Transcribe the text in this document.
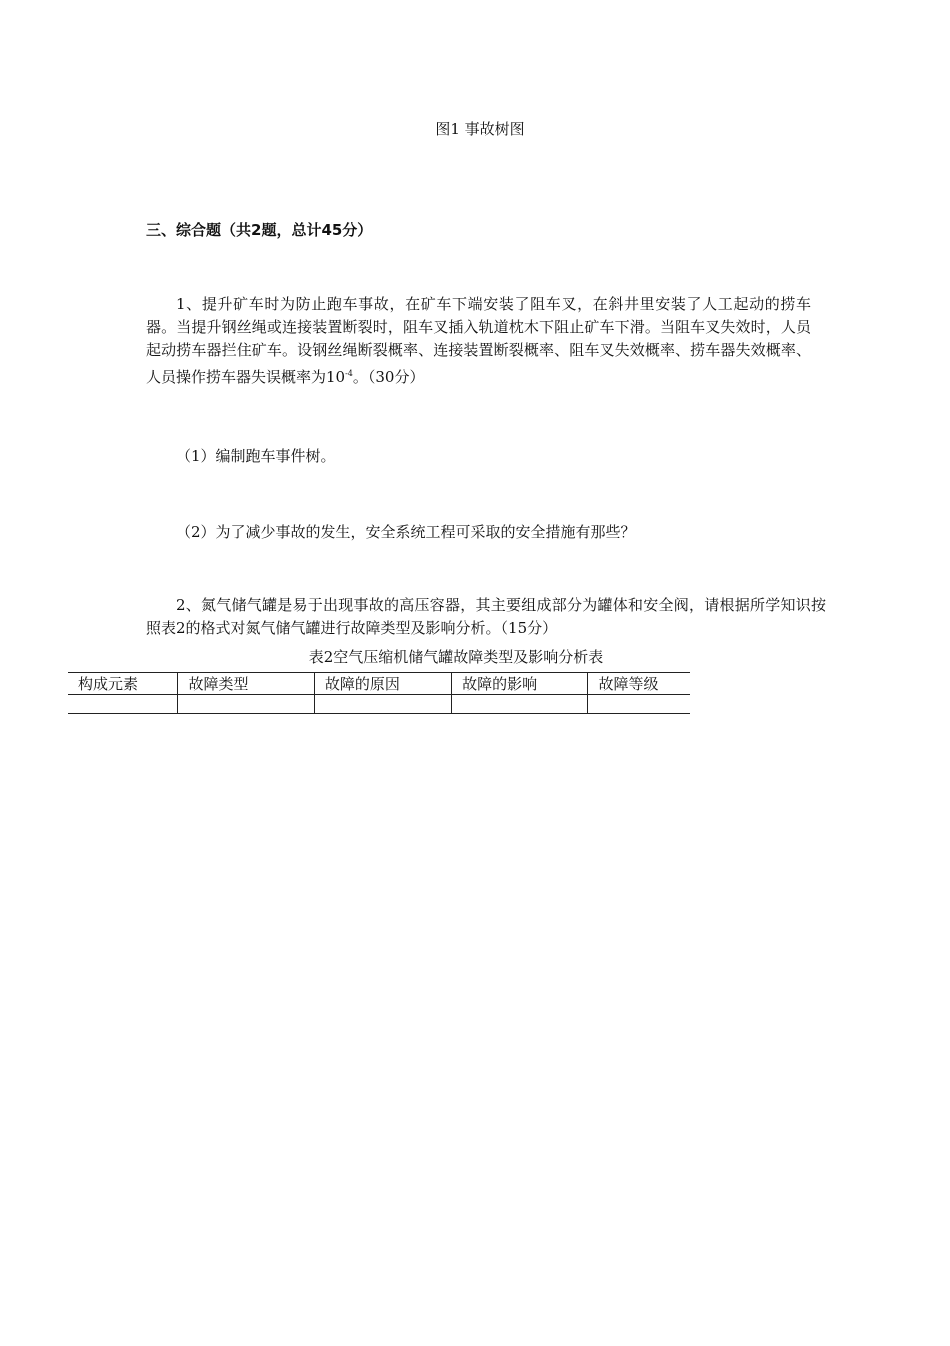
图1 事故树图
三、综合题（共2题，总计45分）
1、提升矿车时为防止跑车事故，在矿车下端安装了阻车叉，在斜井里安装了人工起动的捞车器。当提升钢丝绳或连接装置断裂时，阻车叉插入轨道枕木下阻止矿车下滑。当阻车叉失效时，人员起动捞车器拦住矿车。设钢丝绳断裂概率、连接装置断裂概率、阻车叉失效概率、捞车器失效概率、人员操作捞车器失误概率为$10^{-4}$。（30分）
（1）编制跑车事件树。
（2）为了减少事故的发生，安全系统工程可采取的安全措施有那些？
2、氮气储气罐是易于出现事故的高压容器，其主要组成部分为罐体和安全阀，请根据所学知识按照表2的格式对氮气储气罐进行故障类型及影响分析。（15分）
表2空气压缩机储气罐故障类型及影响分析表
构成元素	故障类型	故障的原因	故障的影响	故障等级
